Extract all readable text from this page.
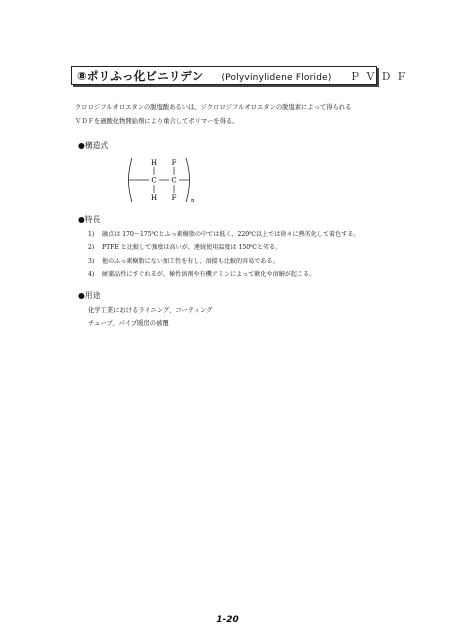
⑧ポリふっ化ビニリデン (Polyvinylidene Floride) ＰＶＤＦ

クロロジフルオロエタンの脱塩酸あるいは、ジクロロジフルオロエタンの脱塩素によって得られる

ＶＤＦを過酸化物開始剤により重合してポリマーを得る。

●構造式
H F
C C
H F	n
●特長
1) 融点は 170～175℃とふっ素樹脂の中では低く、220℃以上では徐々に熱劣化して着色する。
2) PTFE と比較して強度は高いが、連続使用温度は 150℃と劣る。
3) 他のふっ素樹脂にない加工性を有し、溶接も比較的容易である。
4) 耐薬品性にすぐれるが、極性溶剤や有機アミンによって軟化や溶解が起こる。
●用途

化学工業におけるライニング、コーティング

チューブ、パイプ暖房の被覆

1-20
